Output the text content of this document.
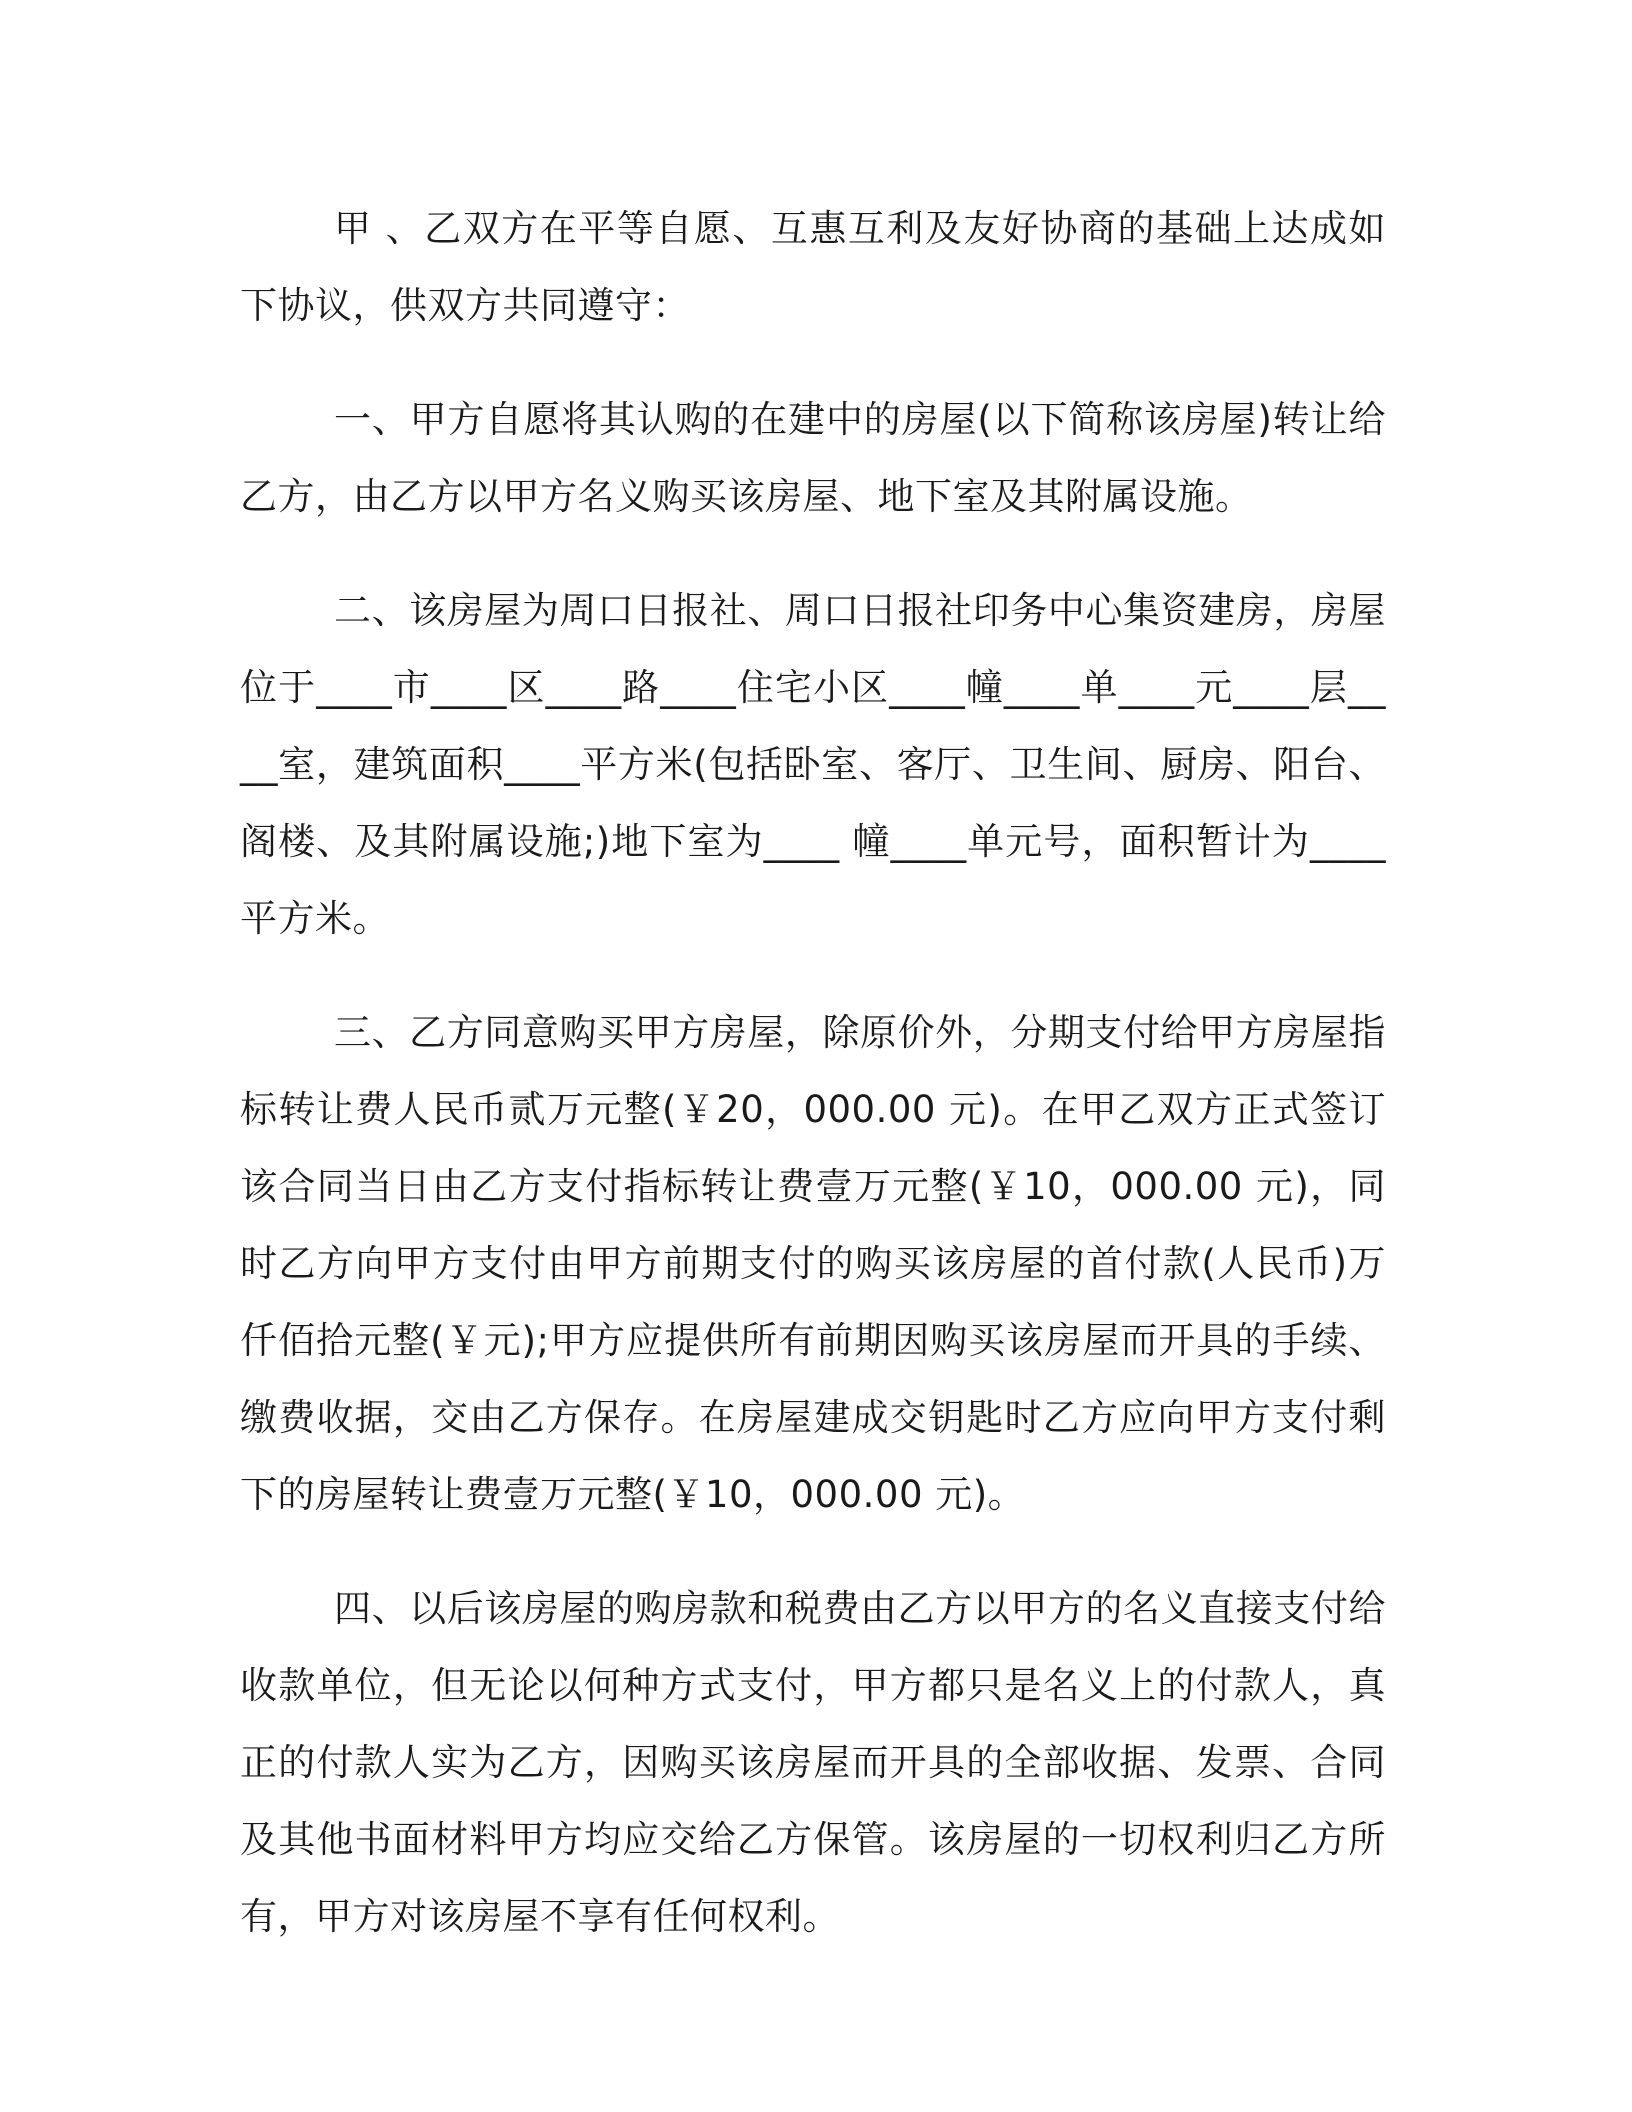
甲 、乙双方在平等自愿、互惠互利及友好协商的基础上达成如下协议，供双方共同遵守：

一、甲方自愿将其认购的在建中的房屋(以下简称该房屋)转让给乙方，由乙方以甲方名义购买该房屋、地下室及其附属设施。

二、该房屋为周口日报社、周口日报社印务中心集资建房，房屋位于____市____区____路____住宅小区____幢____单____元____层____室，建筑面积____平方米(包括卧室、客厅、卫生间、厨房、阳台、阁楼、及其附属设施;)地下室为____ 幢____单元号，面积暂计为____平方米。

三、乙方同意购买甲方房屋，除原价外，分期支付给甲方房屋指标转让费人民币贰万元整(￥20，000.00 元)。在甲乙双方正式签订该合同当日由乙方支付指标转让费壹万元整(￥10，000.00 元)，同时乙方向甲方支付由甲方前期支付的购买该房屋的首付款(人民币)万仟佰拾元整(￥元);甲方应提供所有前期因购买该房屋而开具的手续、缴费收据，交由乙方保存。在房屋建成交钥匙时乙方应向甲方支付剩下的房屋转让费壹万元整(￥10，000.00 元)。

四、以后该房屋的购房款和税费由乙方以甲方的名义直接支付给收款单位，但无论以何种方式支付，甲方都只是名义上的付款人，真正的付款人实为乙方，因购买该房屋而开具的全部收据、发票、合同及其他书面材料甲方均应交给乙方保管。该房屋的一切权利归乙方所有，甲方对该房屋不享有任何权利。
